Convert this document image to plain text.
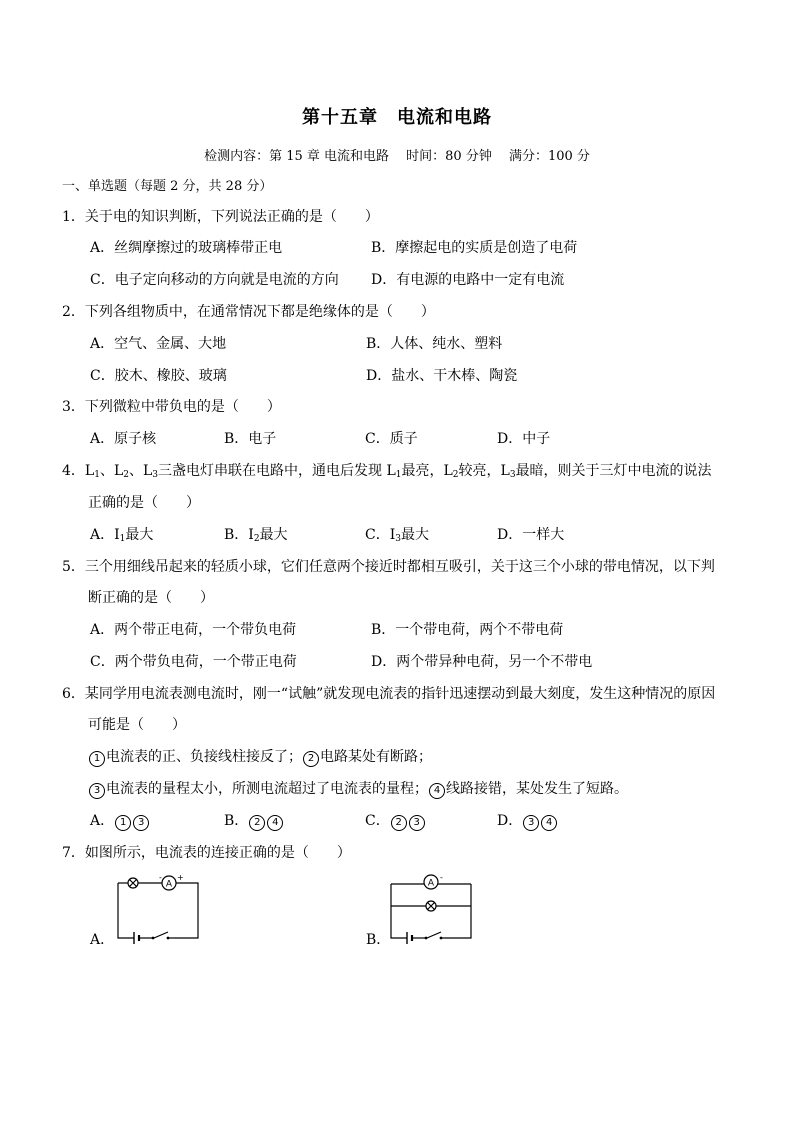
第十五章　电流和电路
检测内容：第 15 章 电流和电路　 时间：80 分钟　 满分：100 分
一、单选题（每题 2 分，共 28 分）
1．关于电的知识判断，下列说法正确的是（　　）
A．丝绸摩擦过的玻璃棒带正电	B．摩擦起电的实质是创造了电荷
C．电子定向移动的方向就是电流的方向 D．有电源的电路中一定有电流
2．下列各组物质中，在通常情况下都是绝缘体的是（　　）
A．空气、金属、大地	B．人体、纯水、塑料
C．胶木、橡胶、玻璃	D．盐水、干木棒、陶瓷
3．下列微粒中带负电的是（　　）
A．原子核	B．电子	C．质子	D．中子
4．$L_1$、$L_2$、$L_3$三盏电灯串联在电路中，通电后发现 $L_1$最亮，$L_2$较亮，$L_3$最暗，则关于三灯中电流的说法
正确的是（　　）
A．$I_1$最大	B．$I_2$最大	C．$I_3$最大	D．一样大
5．三个用细线吊起来的轻质小球，它们任意两个接近时都相互吸引，关于这三个小球的带电情况，以下判
断正确的是（　　）
A．两个带正电荷，一个带负电荷	B．一个带电荷，两个不带电荷
C．两个带负电荷，一个带正电荷	D．两个带异种电荷，另一个不带电
6．某同学用电流表测电流时，刚一“试触”就发现电流表的指针迅速摆动到最大刻度，发生这种情况的原因
可能是（　　）
1 电流表的正、负接线柱接反了； 2 电路某处有断路；
3 电流表的量程太小，所测电流超过了电流表的量程； 4 线路接错，某处发生了短路。
A． 1 3	B． 2 4	C． 2 3	D． 3 4
7．如图所示，电流表的连接正确的是（　　）
A．
A
- +
B．
A
-
